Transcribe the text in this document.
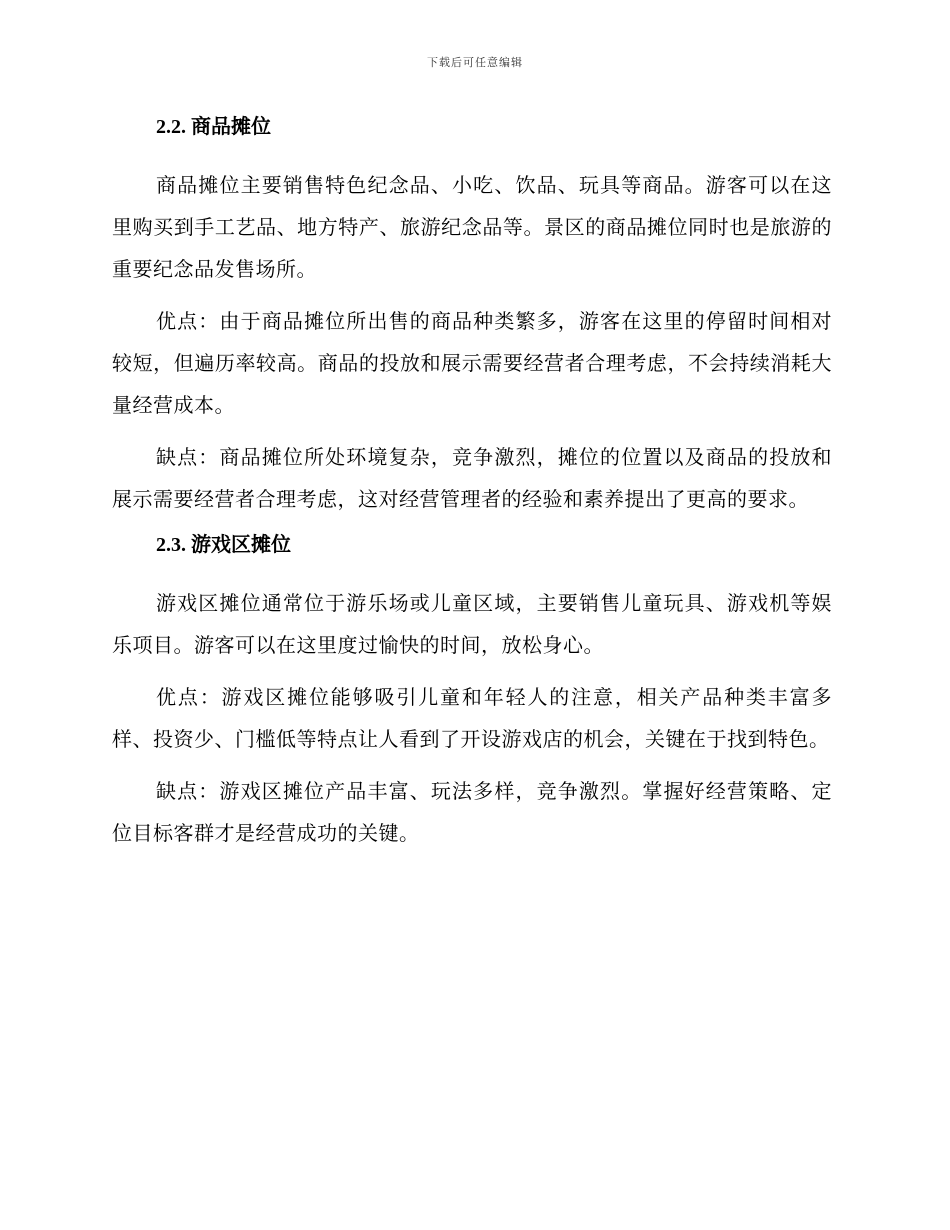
下载后可任意编辑
2.2. 商品摊位

商品摊位主要销售特色纪念品、小吃、饮品、玩具等商品。游客可以在这里购买到手工艺品、地方特产、旅游纪念品等。景区的商品摊位同时也是旅游的重要纪念品发售场所。

优点：由于商品摊位所出售的商品种类繁多，游客在这里的停留时间相对较短，但遍历率较高。商品的投放和展示需要经营者合理考虑，不会持续消耗大量经营成本。

缺点：商品摊位所处环境复杂，竞争激烈，摊位的位置以及商品的投放和展示需要经营者合理考虑，这对经营管理者的经验和素养提出了更高的要求。

2.3. 游戏区摊位

游戏区摊位通常位于游乐场或儿童区域，主要销售儿童玩具、游戏机等娱乐项目。游客可以在这里度过愉快的时间，放松身心。

优点：游戏区摊位能够吸引儿童和年轻人的注意，相关产品种类丰富多样、投资少、门槛低等特点让人看到了开设游戏店的机会，关键在于找到特色。

缺点：游戏区摊位产品丰富、玩法多样，竞争激烈。掌握好经营策略、定位目标客群才是经营成功的关键。
